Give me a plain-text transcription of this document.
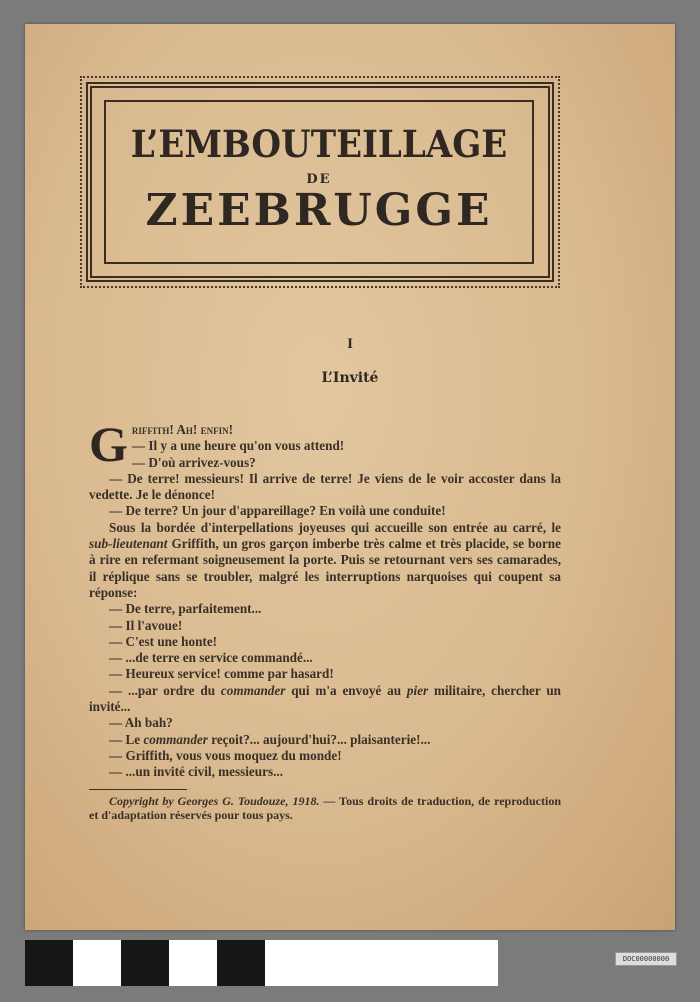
I
L’Invité
L’EMBOUTEILLAGE
DE
ZEEBRUGGE
G riffith! Ah! enfin!

— Il y a une heure qu'on vous attend!

— D'où arrivez-vous?

— De terre! messieurs! Il arrive de terre! Je viens de le voir accoster dans la vedette. Je le dénonce!

— De terre? Un jour d'appareillage? En voilà une conduite!

Sous la bordée d'interpellations joyeuses qui accueille son entrée au carré, le sub-lieutenant Griffith, un gros garçon imberbe très calme et très placide, se borne à rire en refermant soigneusement la porte. Puis se retournant vers ses camarades, il réplique sans se troubler, malgré les interruptions narquoises qui coupent sa réponse:

— De terre, parfaitement...

— Il l'avoue!

— C'est une honte!

— ...de terre en service commandé...

— Heureux service! comme par hasard!

— ...par ordre du commander qui m'a envoyé au pier militaire, chercher un invité...

— Ah bah?

— Le commander reçoit?... aujourd'hui?... plaisanterie!...

— Griffith, vous vous moquez du monde!

— ...un invité civil, messieurs...

Copyright by Georges G. Toudouze, 1918. — Tous droits de traduction, de reproduction et d'adaptation réservés pour tous pays.

DOC00000000
